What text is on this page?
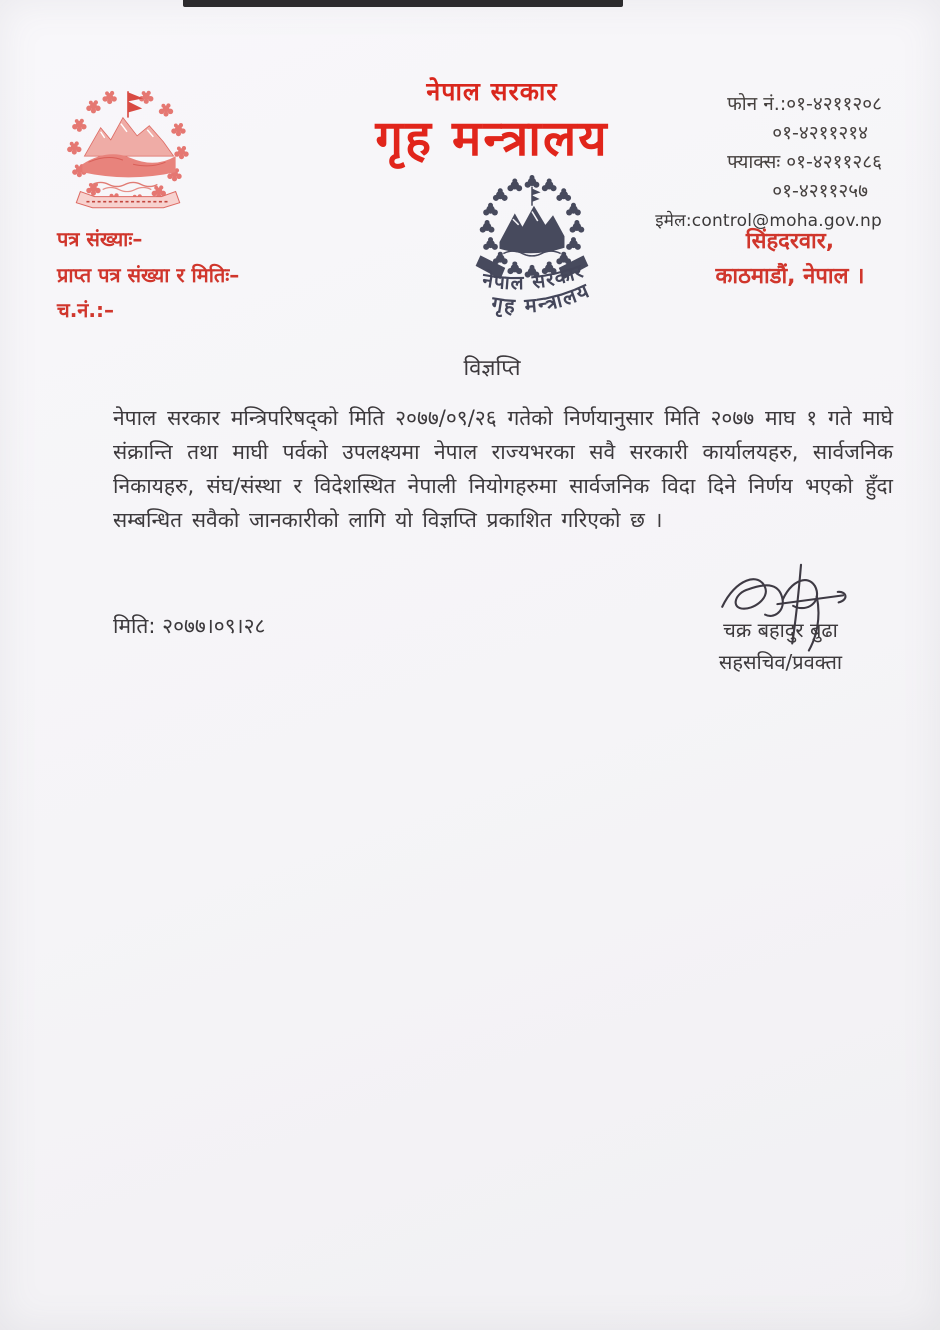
नेपाल सरकार
गृह मन्त्रालय
नेपाल सरकार
गृह मन्त्रालय
फोन नं.:०१-४२११२०८
०१-४२११२१४
फ्याक्सः ०१-४२११२८६
०१-४२११२५७
इमेल:control@moha.gov.np
सिंहदरवार,
काठमाडौं, नेपाल ।
पत्र संख्याः–
प्राप्त पत्र संख्या र मितिः–
च.नं.:–
विज्ञप्ति
नेपाल सरकार मन्त्रिपरिषद्को मिति २०७७/०९/२६ गतेको निर्णयानुसार मिति २०७७ माघ १ गते माघे संक्रान्ति तथा माघी पर्वको उपलक्ष्यमा नेपाल राज्यभरका सवै सरकारी कार्यालयहरु, सार्वजनिक निकायहरु, संघ/संस्था र विदेशस्थित नेपाली नियोगहरुमा सार्वजनिक विदा दिने निर्णय भएको हुँदा सम्बन्धित सवैको जानकारीको लागि यो विज्ञप्ति प्रकाशित गरिएको छ ।
मिति: २०७७।०९।२८	चक्र बहादुर बुढा
सहसचिव/प्रवक्ता
